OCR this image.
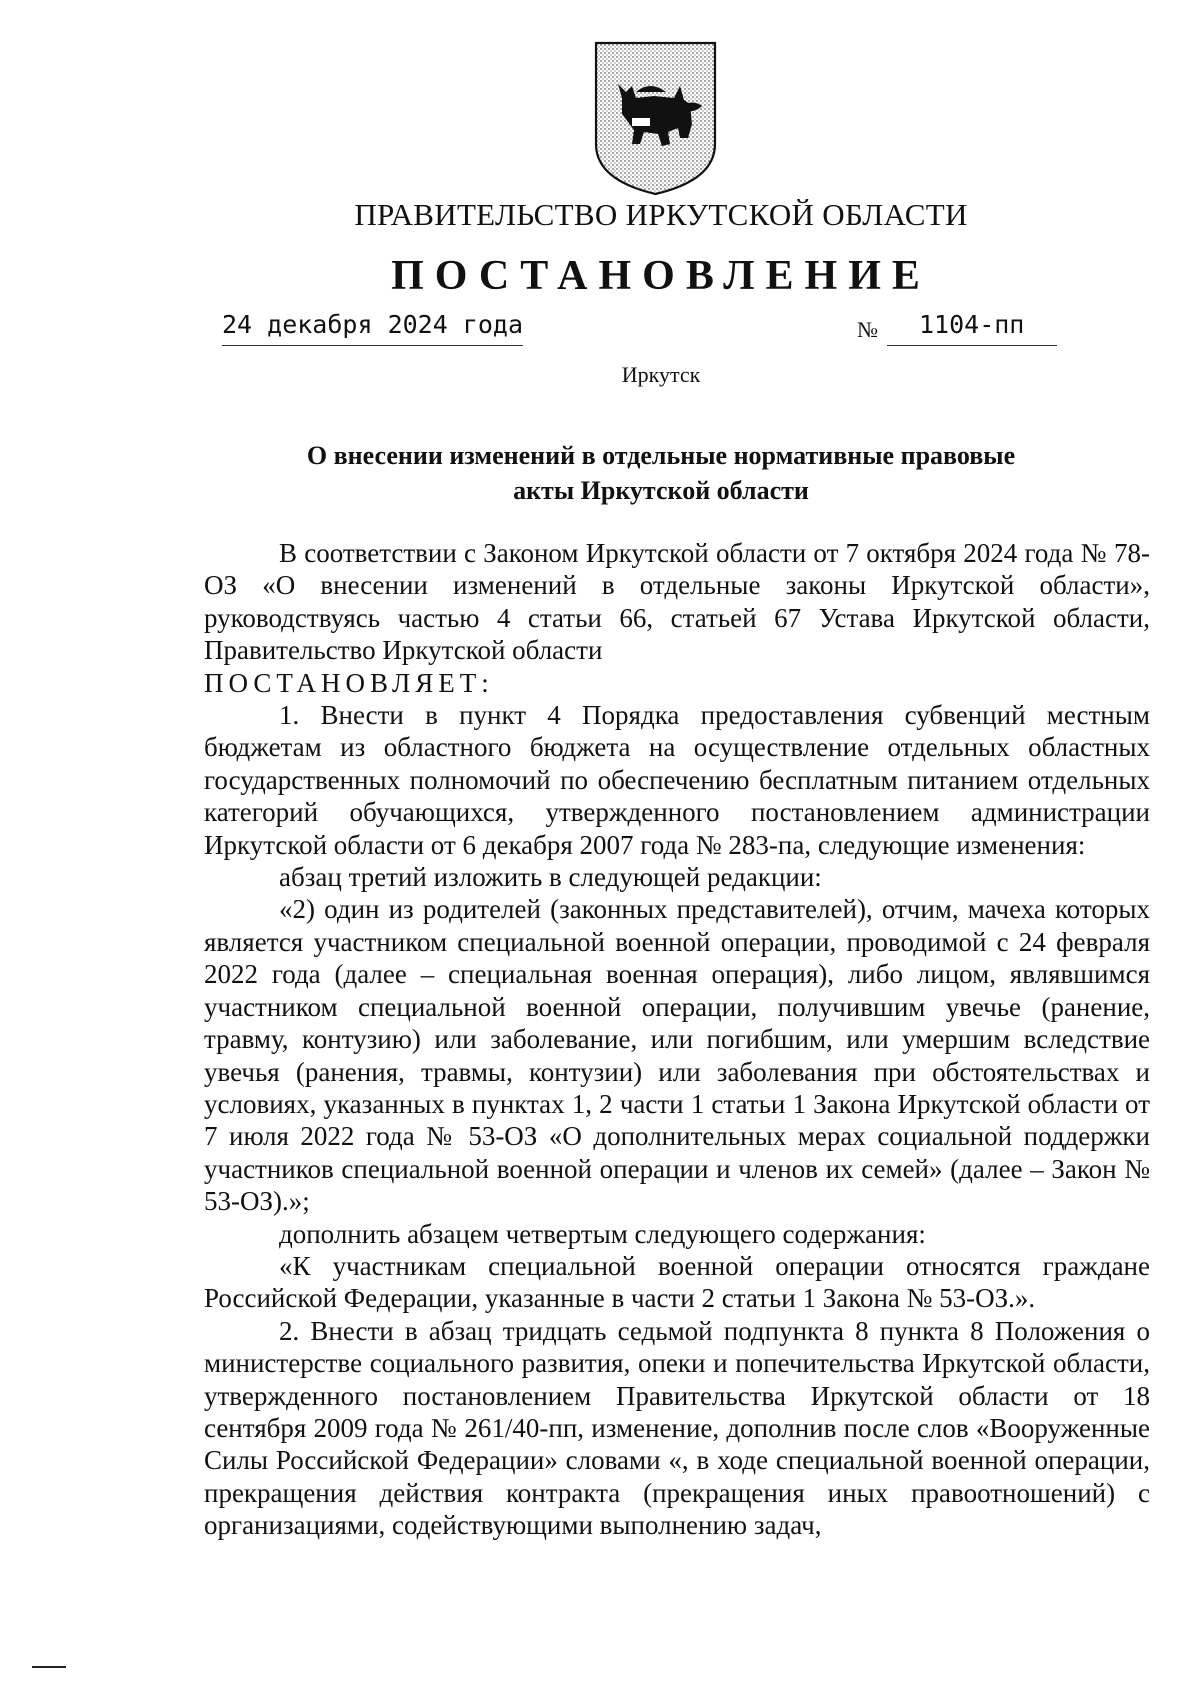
ПРАВИТЕЛЬСТВО ИРКУТСКОЙ ОБЛАСТИ
ПОСТАНОВЛЕНИЕ
24 декабря 2024 года	№	1104-пп
Иркутск
О внесении изменений в отдельные нормативные правовые
акты Иркутской области

В соответствии с Законом Иркутской области от 7 октября 2024 года № 78-ОЗ «О внесении изменений в отдельные законы Иркутской области», руководствуясь частью 4 статьи 66, статьей 67 Устава Иркутской области, Правительство Иркутской области

ПОСТАНОВЛЯЕТ:

1. Внести в пункт 4 Порядка предоставления субвенций местным бюджетам из областного бюджета на осуществление отдельных областных государственных полномочий по обеспечению бесплатным питанием отдельных категорий обучающихся, утвержденного постановлением администрации Иркутской области от 6 декабря 2007 года № 283-па, следующие изменения:

абзац третий изложить в следующей редакции:

«2) один из родителей (законных представителей), отчим, мачеха которых является участником специальной военной операции, проводимой с 24 февраля 2022 года (далее – специальная военная операция), либо лицом, являвшимся участником специальной военной операции, получившим увечье (ранение, травму, контузию) или заболевание, или погибшим, или умершим вследствие увечья (ранения, травмы, контузии) или заболевания при обстоятельствах и условиях, указанных в пунктах 1, 2 части 1 статьи 1 Закона Иркутской области от 7 июля 2022 года № 53-ОЗ «О дополнительных мерах социальной поддержки участников специальной военной операции и членов их семей» (далее – Закон № 53-ОЗ).»;

дополнить абзацем четвертым следующего содержания:

«К участникам специальной военной операции относятся граждане Российской Федерации, указанные в части 2 статьи 1 Закона № 53-ОЗ.».

2. Внести в абзац тридцать седьмой подпункта 8 пункта 8 Положения о министерстве социального развития, опеки и попечительства Иркутской области, утвержденного постановлением Правительства Иркутской области от 18 сентября 2009 года № 261/40-пп, изменение, дополнив после слов «Вооруженные Силы Российской Федерации» словами «, в ходе специальной военной операции, прекращения действия контракта (прекращения иных правоотношений) с организациями, содействующими выполнению задач,
